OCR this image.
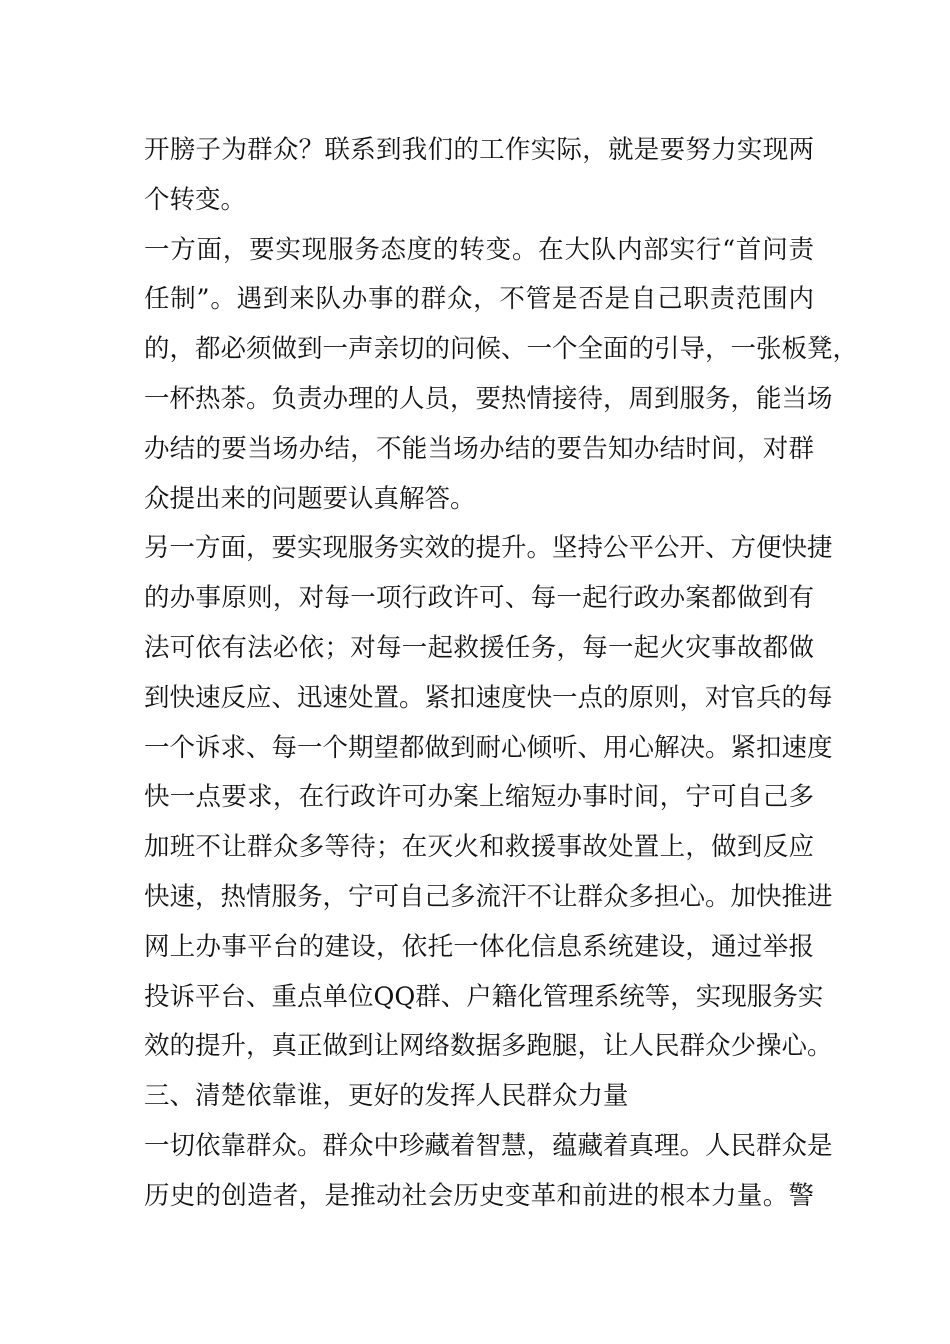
开膀子为群众？联系到我们的工作实际，就是要努力实现两
个转变。
一方面，要实现服务态度的转变。在大队内部实行“首问责
任制”。遇到来队办事的群众，不管是否是自己职责范围内
的，都必须做到一声亲切的问候、一个全面的引导，一张板凳，
一杯热茶。负责办理的人员，要热情接待，周到服务，能当场
办结的要当场办结，不能当场办结的要告知办结时间，对群
众提出来的问题要认真解答。
另一方面，要实现服务实效的提升。坚持公平公开、方便快捷
的办事原则，对每一项行政许可、每一起行政办案都做到有
法可依有法必依；对每一起救援任务，每一起火灾事故都做
到快速反应、迅速处置。紧扣速度快一点的原则，对官兵的每
一个诉求、每一个期望都做到耐心倾听、用心解决。紧扣速度
快一点要求，在行政许可办案上缩短办事时间，宁可自己多
加班不让群众多等待；在灭火和救援事故处置上，做到反应
快速，热情服务，宁可自己多流汗不让群众多担心。加快推进
网上办事平台的建设，依托一体化信息系统建设，通过举报
投诉平台、重点单位QQ群、户籍化管理系统等，实现服务实
效的提升，真正做到让网络数据多跑腿，让人民群众少操心。
三、清楚依靠谁，更好的发挥人民群众力量
一切依靠群众。群众中珍藏着智慧，蕴藏着真理。人民群众是
历史的创造者，是推动社会历史变革和前进的根本力量。警
